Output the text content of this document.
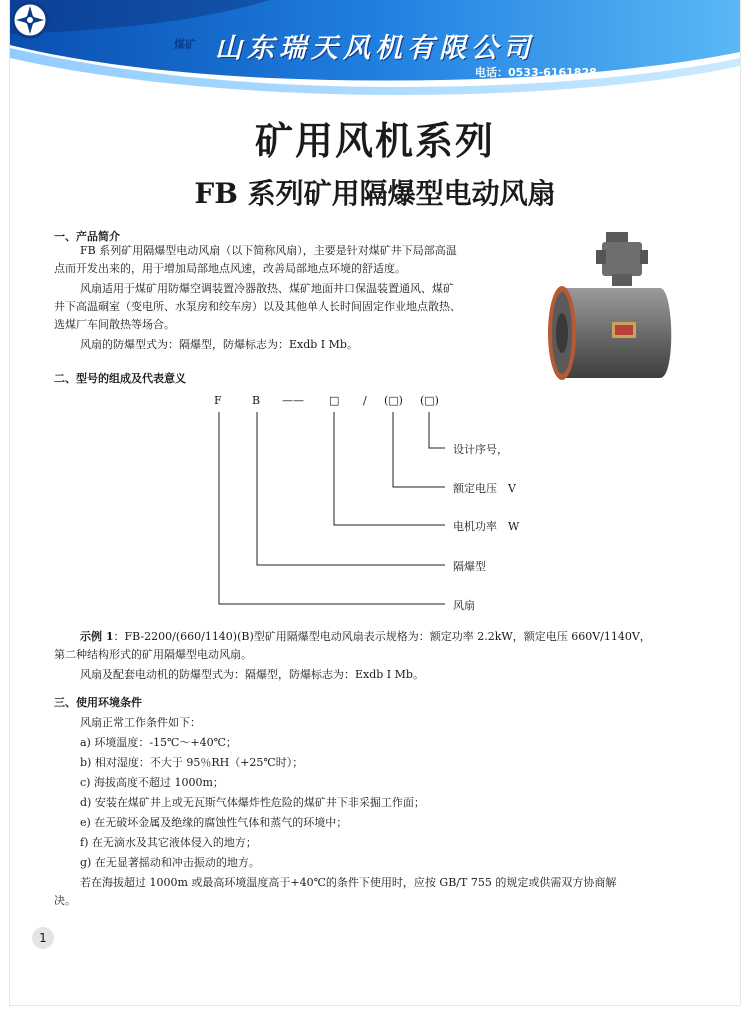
煤矿 山东瑞天风机有限公司
电话：0533-6161828
矿用风机系列
FB 系列矿用隔爆型电动风扇
一、产品简介
FB 系列矿用隔爆型电动风扇（以下简称风扇），主要是针对煤矿井下局部高温
点而开发出来的，用于增加局部地点风速，改善局部地点环境的舒适度。
风扇适用于煤矿用防爆空调装置冷器散热、煤矿地面井口保温装置通风、煤矿
井下高温硐室（变电所、水泵房和绞车房）以及其他单人长时间固定作业地点散热、
选煤厂车间散热等场合。
风扇的防爆型式为：隔爆型，防爆标志为：Exdb I Mb。
二、型号的组成及代表意义
F	B —— □ / (□) (□)
设计序号，
额定电压　V
电机功率　W
隔爆型
风扇
示例 1：FB-2200/(660/1140)(B)型矿用隔爆型电动风扇表示规格为：额定功率 2.2kW，额定电压 660V/1140V，
第二种结构形式的矿用隔爆型电动风扇。
风扇及配套电动机的防爆型式为：隔爆型，防爆标志为：Exdb I Mb。
三、使用环境条件
风扇正常工作条件如下：
a) 环境温度：-15℃～+40℃；
b) 相对湿度：不大于 95％RH（+25℃时）；
c) 海拔高度不超过 1000m；
d) 安装在煤矿井上或无瓦斯气体爆炸性危险的煤矿井下非采掘工作面；
e) 在无破坏金属及绝缘的腐蚀性气体和蒸气的环境中；
f) 在无滴水及其它液体侵入的地方；
g) 在无显著摇动和冲击振动的地方。
若在海拔超过 1000m 或最高环境温度高于+40℃的条件下使用时，应按 GB/T 755 的规定或供需双方协商解
决。
1
